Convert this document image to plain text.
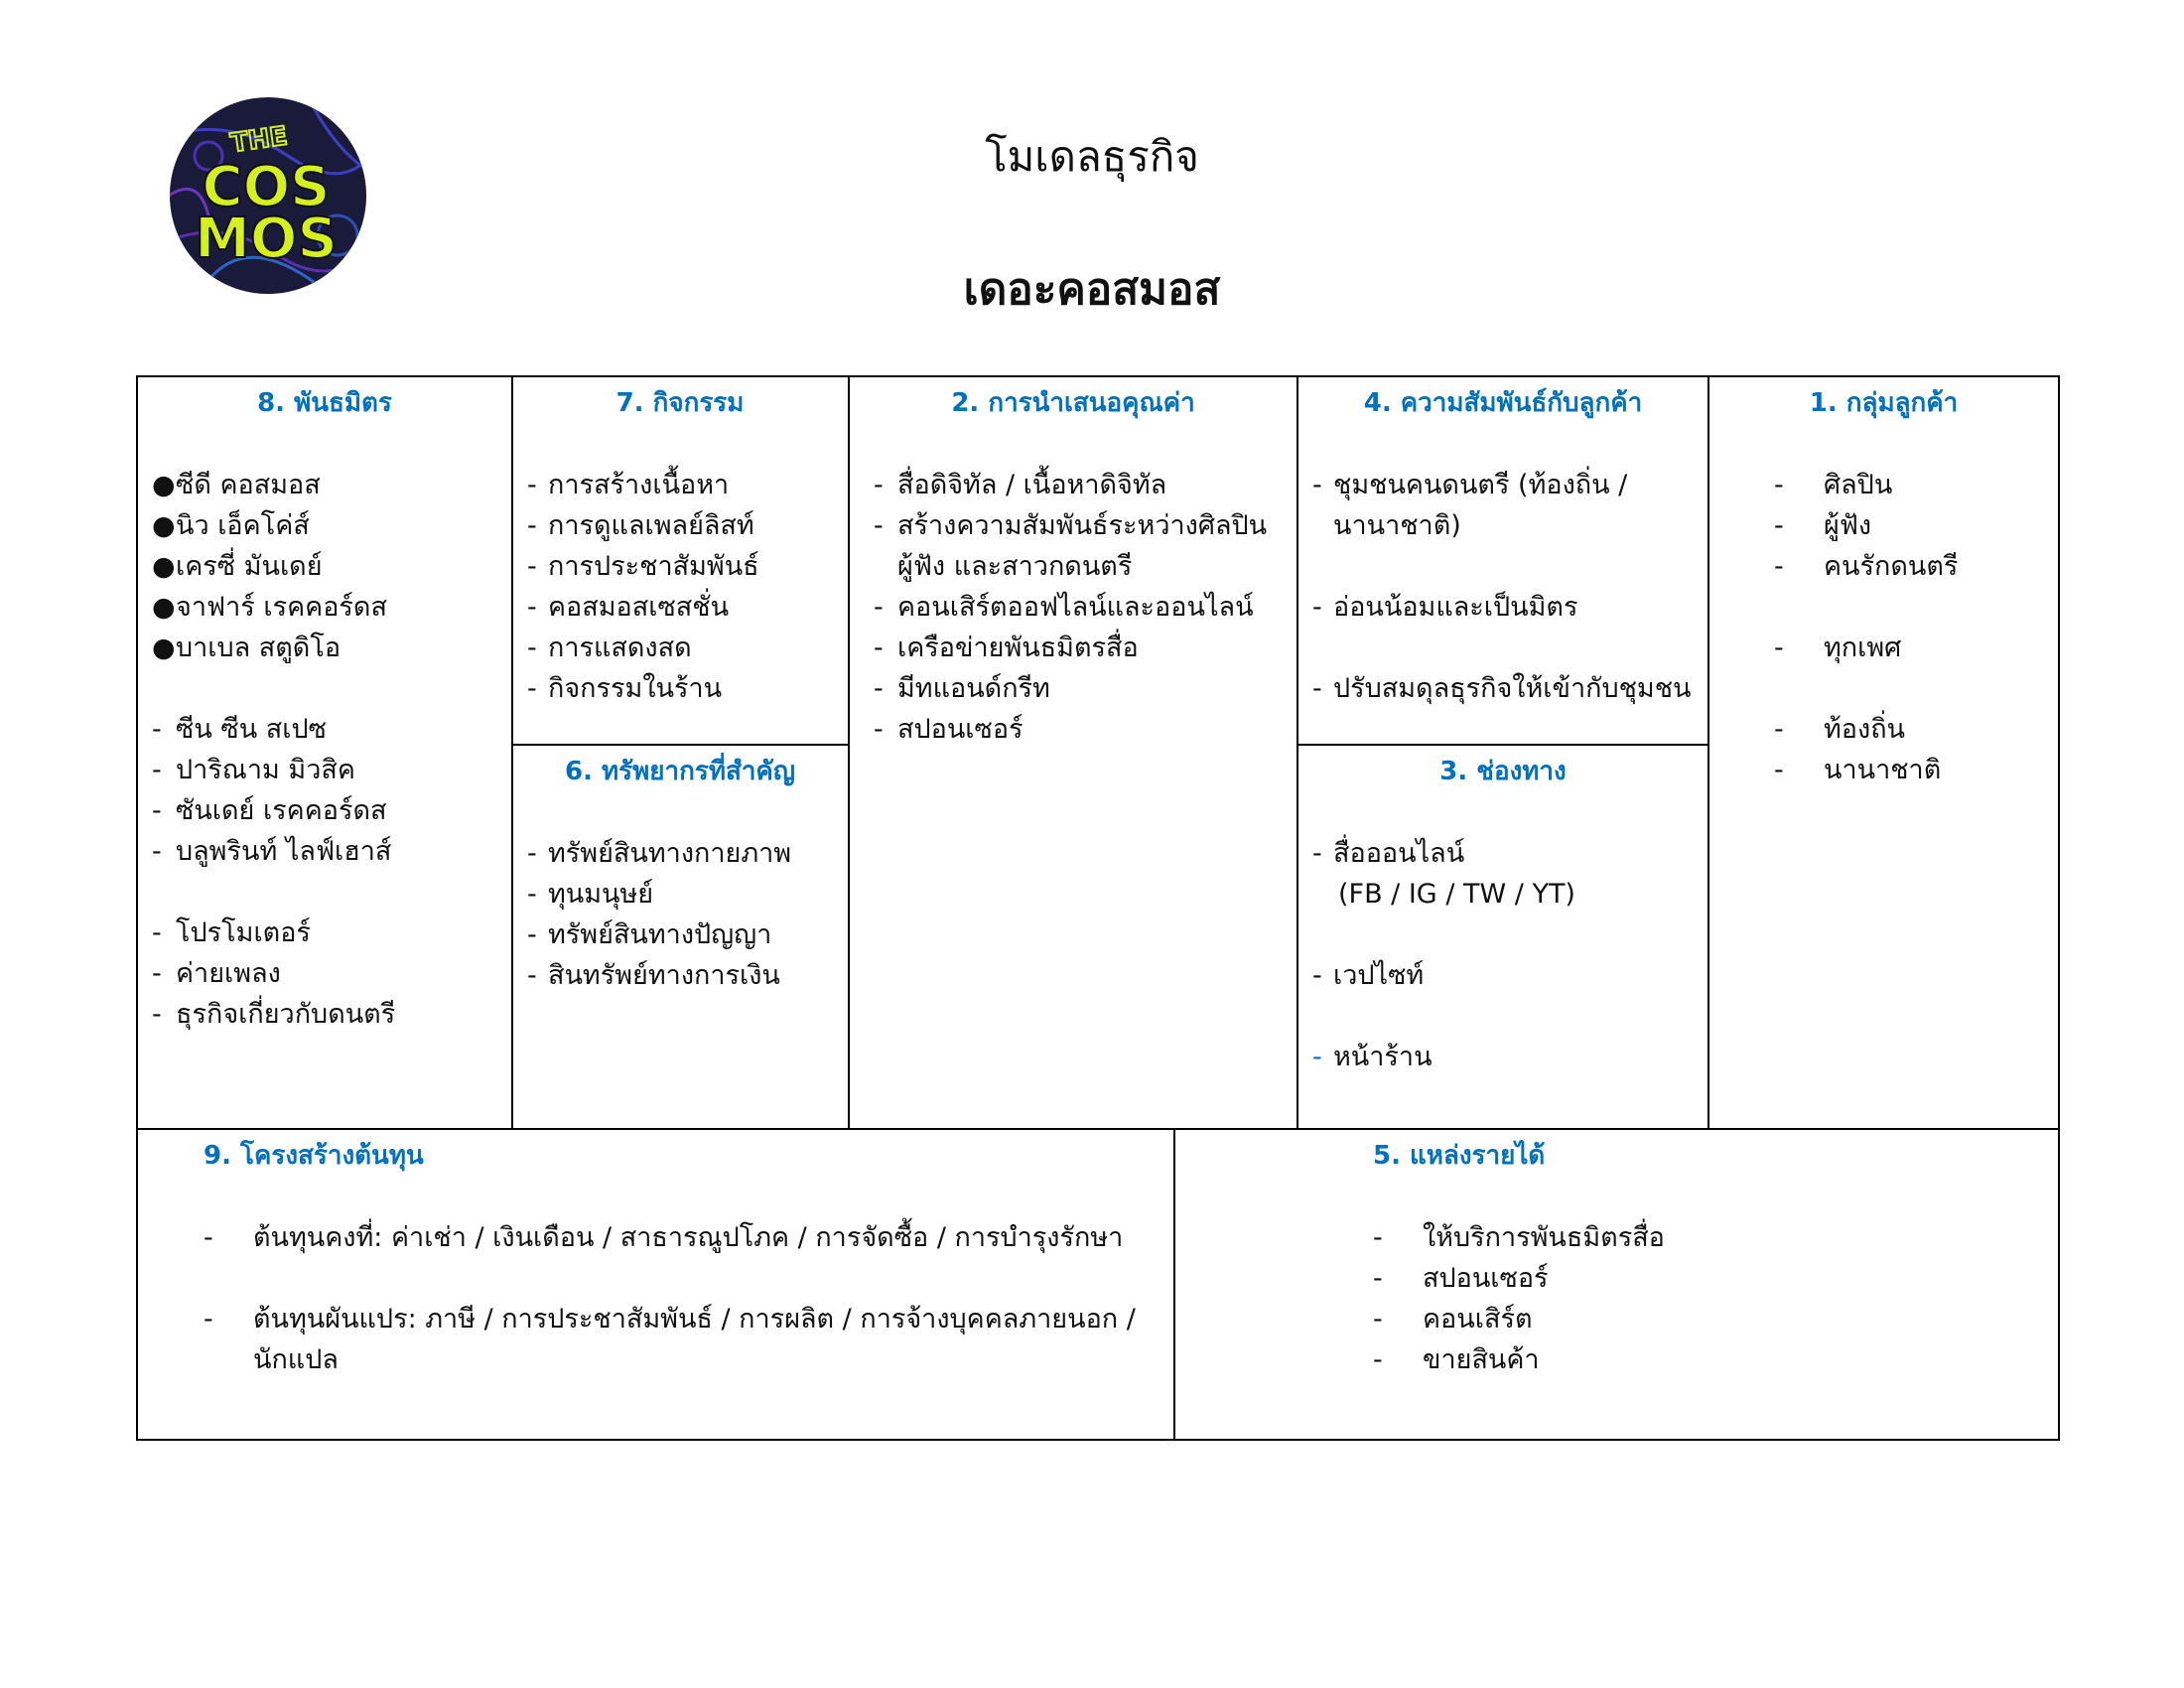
THE
COS
MOS
โมเดลธุรกิจ
เดอะคอสมอส
8. พันธมิตร
● ซีดี คอสมอส
● นิว เอ็คโค่ส์
● เครซี่ มันเดย์
● จาฟาร์ เรคคอร์ดส
● บาเบล สตูดิโอ
- ซีน ซีน สเปซ
- ปาริณาม มิวสิค
- ซันเดย์ เรคคอร์ดส
- บลูพรินท์ ไลฟ์เฮาส์
- โปรโมเตอร์
- ค่ายเพลง
- ธุรกิจเกี่ยวกับดนตรี
7. กิจกรรม
- การสร้างเนื้อหา
- การดูแลเพลย์ลิสท์
- การประชาสัมพันธ์
- คอสมอสเซสชั่น
- การแสดงสด
- กิจกรรมในร้าน
6. ทรัพยากรที่สำคัญ
- ทรัพย์สินทางกายภาพ
- ทุนมนุษย์
- ทรัพย์สินทางปัญญา
- สินทรัพย์ทางการเงิน
2. การนำเสนอคุณค่า
- สื่อดิจิทัล / เนื้อหาดิจิทัล
- สร้างความสัมพันธ์ระหว่างศิลปิน
ผู้ฟัง และสาวกดนตรี
- คอนเสิร์ตออฟไลน์และออนไลน์
- เครือข่ายพันธมิตรสื่อ
- มีทแอนด์กรีท
- สปอนเซอร์
4. ความสัมพันธ์กับลูกค้า
- ชุมชนคนดนตรี (ท้องถิ่น /
นานาชาติ)
- อ่อนน้อมและเป็นมิตร
- ปรับสมดุลธุรกิจให้เข้ากับชุมชน
3. ช่องทาง
- สื่อออนไลน์
(FB / IG / TW / YT)
- เวปไซท์
- หน้าร้าน
1. กลุ่มลูกค้า
-	ศิลปิน
-	ผู้ฟัง
-	คนรักดนตรี
-	ทุกเพศ
-	ท้องถิ่น
-	นานาชาติ
9. โครงสร้างต้นทุน
-	ต้นทุนคงที่: ค่าเช่า / เงินเดือน / สาธารณูปโภค / การจัดซื้อ / การบำรุงรักษา
-	ต้นทุนผันแปร: ภาษี / การประชาสัมพันธ์ / การผลิต / การจ้างบุคคลภายนอก /
นักแปล
5. แหล่งรายได้
-	ให้บริการพันธมิตรสื่อ
-	สปอนเซอร์
-	คอนเสิร์ต
-	ขายสินค้า
